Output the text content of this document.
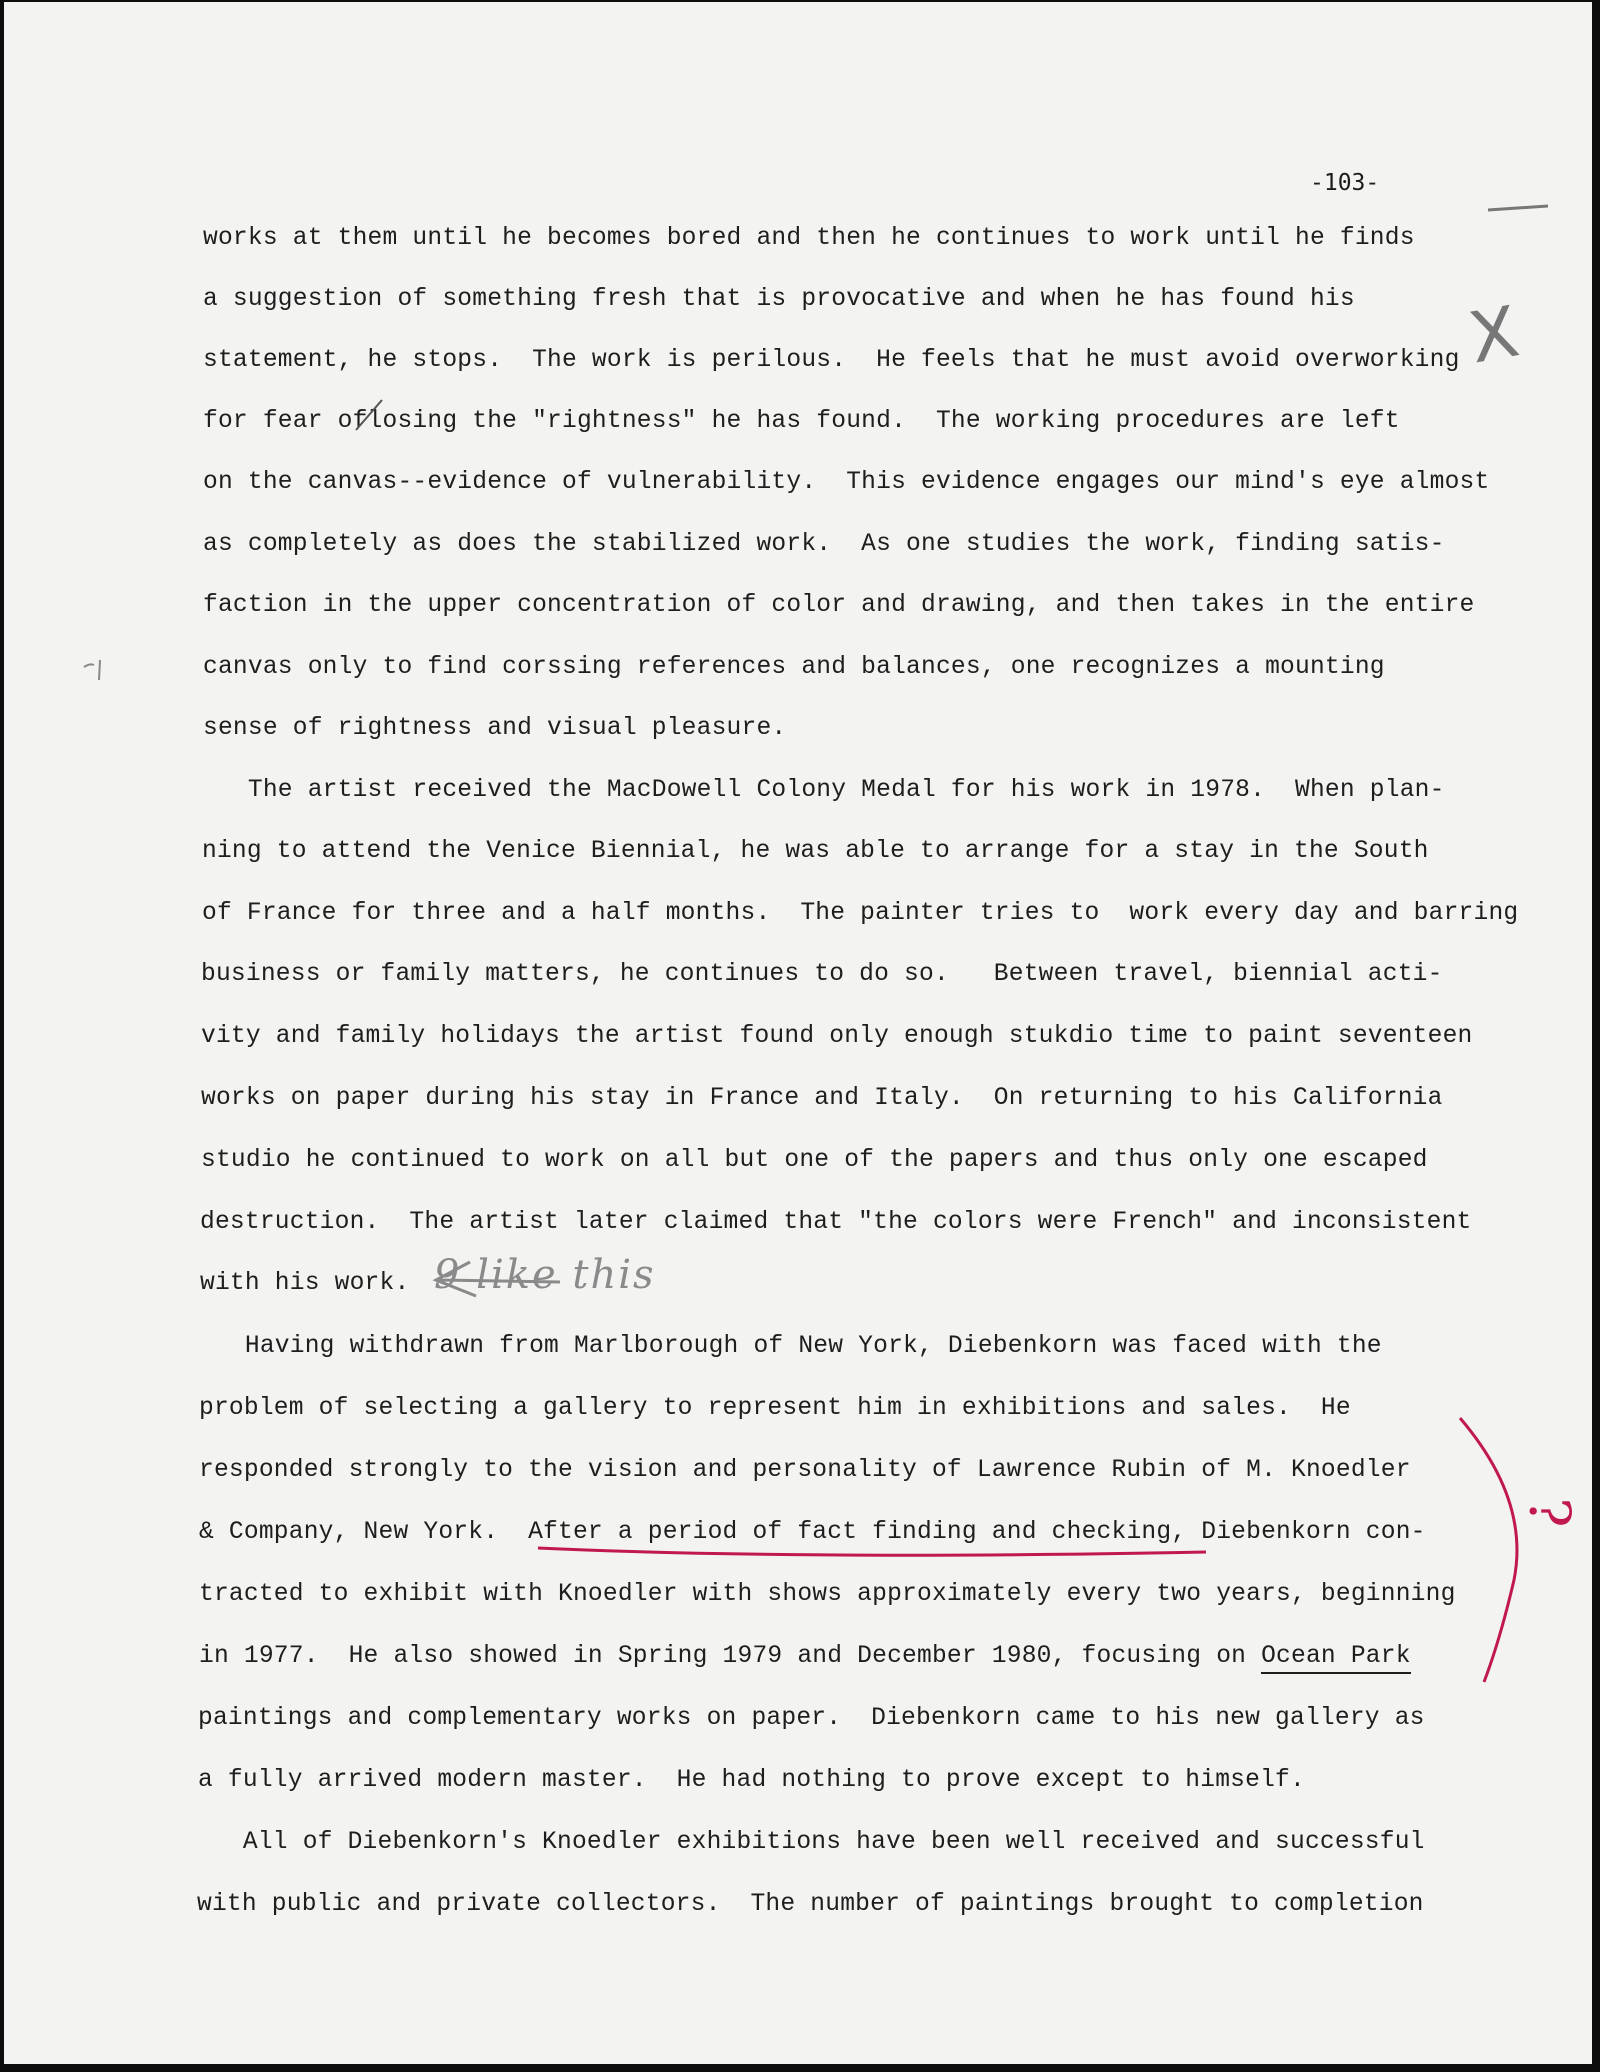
-103-
works at them until he becomes bored and then he continues to work until he finds
a suggestion of something fresh that is provocative and when he has found his
statement, he stops.  The work is perilous.  He feels that he must avoid overworking
for fear oflosing the "rightness" he has found.  The working procedures are left
on the canvas--evidence of vulnerability.  This evidence engages our mind's eye almost
as completely as does the stabilized work.  As one studies the work, finding satis-
faction in the upper concentration of color and drawing, and then takes in the entire
canvas only to find corssing references and balances, one recognizes a mounting
sense of rightness and visual pleasure.
The artist received the MacDowell Colony Medal for his work in 1978.  When plan-
ning to attend the Venice Biennial, he was able to arrange for a stay in the South
of France for three and a half months.  The painter tries to  work every day and barring
business or family matters, he continues to do so.   Between travel, biennial acti-
vity and family holidays the artist found only enough stukdio time to paint seventeen
works on paper during his stay in France and Italy.  On returning to his California
studio he continued to work on all but one of the papers and thus only one escaped
destruction.  The artist later claimed that "the colors were French" and inconsistent
with his work. 9 like this
Having withdrawn from Marlborough of New York, Diebenkorn was faced with the
problem of selecting a gallery to represent him in exhibitions and sales.  He
responded strongly to the vision and personality of Lawrence Rubin of M. Knoedler
& Company, New York.  After a period of fact finding and checking, Diebenkorn con-
tracted to exhibit with Knoedler with shows approximately every two years, beginning
in 1977.  He also showed in Spring 1979 and December 1980, focusing on Ocean Park
paintings and complementary works on paper.  Diebenkorn came to his new gallery as
a fully arrived modern master.  He had nothing to prove except to himself.
All of Diebenkorn's Knoedler exhibitions have been well received and successful
with public and private collectors.  The number of paintings brought to completion
X
?
